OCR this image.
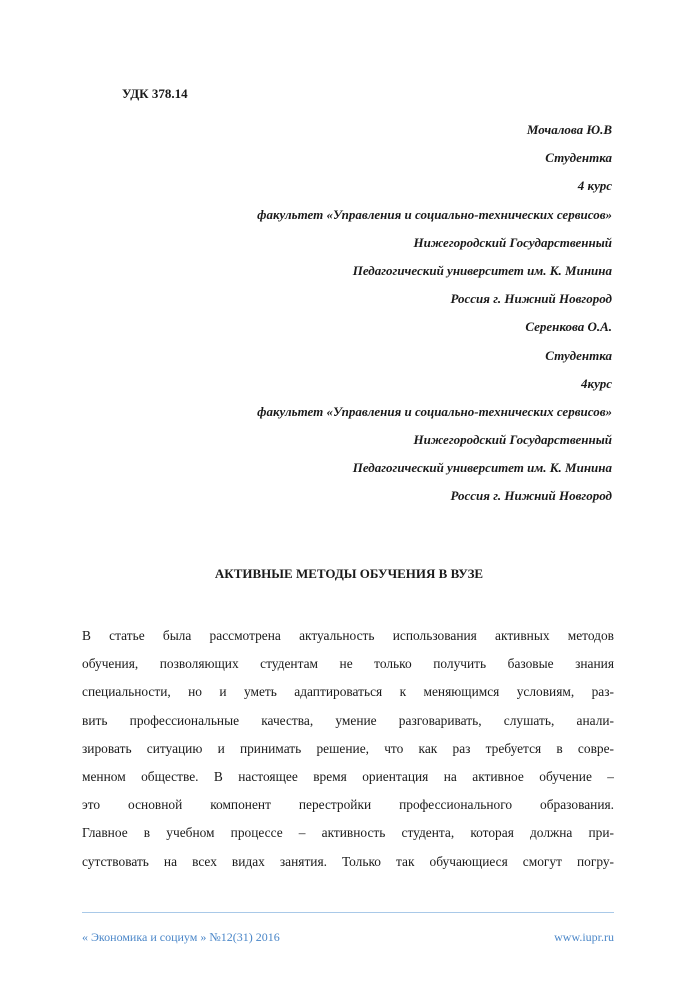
УДК 378.14
Мочалова Ю.В
Студентка
4 курс
факультет «Управления и социально-технических сервисов»
Нижегородский Государственный
Педагогический университет им. К. Минина
Россия г. Нижний Новгород
Серенкова О.А.
Студентка
4курс
факультет «Управления и социально-технических сервисов»
Нижегородский Государственный
Педагогический университет им. К. Минина
Россия г. Нижний Новгород
АКТИВНЫЕ МЕТОДЫ ОБУЧЕНИЯ В ВУЗЕ
В статье была рассмотрена актуальность использования активных методов
обучения, позволяющих студентам не только получить базовые знания
специальности, но и уметь адаптироваться к меняющимся условиям, раз-
вить профессиональные качества, умение разговаривать, слушать, анали-
зировать ситуацию и принимать решение, что как раз требуется в совре-
менном обществе. В настоящее время ориентация на активное обучение –
это основной компонент перестройки профессионального образования.
Главное в учебном процессе – активность студента, которая должна при-
сутствовать на всех видах занятия. Только так обучающиеся смогут погру-
« Экономика и социум » №12(31) 2016	www.iupr.ru
